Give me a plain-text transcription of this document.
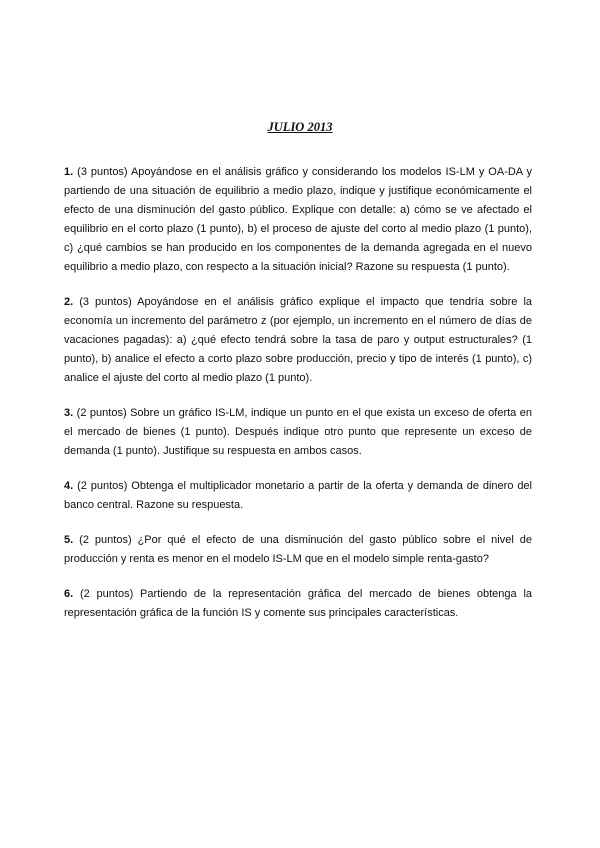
JULIO 2013

1. (3 puntos) Apoyándose en el análisis gráfico y considerando los modelos IS-LM y OA-DA y partiendo de una situación de equilibrio a medio plazo, indique y justifique económicamente el efecto de una disminución del gasto público. Explique con detalle: a) cómo se ve afectado el equilibrio en el corto plazo (1 punto), b) el proceso de ajuste del corto al medio plazo (1 punto), c) ¿qué cambios se han producido en los componentes de la demanda agregada en el nuevo equilibrio a medio plazo, con respecto a la situación inicial? Razone su respuesta (1 punto).

2. (3 puntos) Apoyándose en el análisis gráfico explique el impacto que tendría sobre la economía un incremento del parámetro z (por ejemplo, un incremento en el número de días de vacaciones pagadas): a) ¿qué efecto tendrá sobre la tasa de paro y output estructurales? (1 punto), b) analice el efecto a corto plazo sobre producción, precio y tipo de interés (1 punto), c) analice el ajuste del corto al medio plazo (1 punto).

3. (2 puntos) Sobre un gráfico IS-LM, indique un punto en el que exista un exceso de oferta en el mercado de bienes (1 punto). Después indique otro punto que represente un exceso de demanda (1 punto). Justifique su respuesta en ambos casos.

4. (2 puntos) Obtenga el multiplicador monetario a partir de la oferta y demanda de dinero del banco central. Razone su respuesta.

5. (2 puntos) ¿Por qué el efecto de una disminución del gasto público sobre el nivel de producción y renta es menor en el modelo IS-LM que en el modelo simple renta-gasto?

6. (2 puntos) Partiendo de la representación gráfica del mercado de bienes obtenga la representación gráfica de la función IS y comente sus principales características.
